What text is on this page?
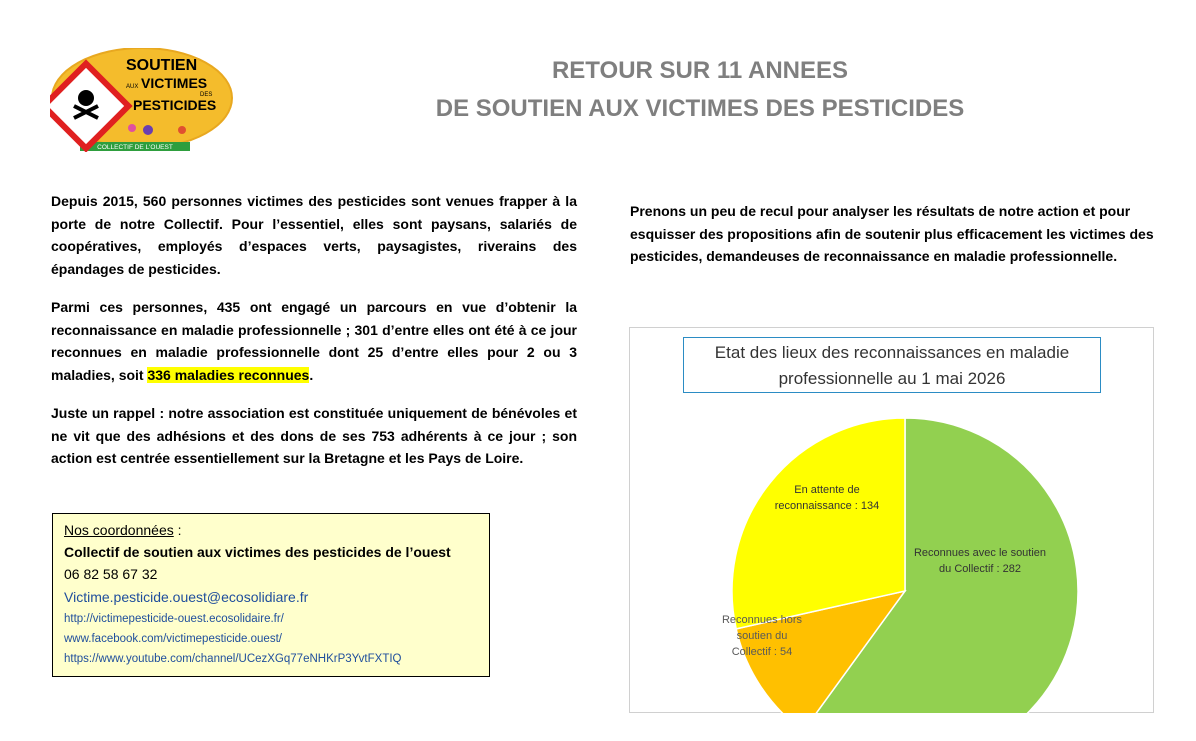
COLLECTIF DE L'OUEST
SOUTIEN
AUX VICTIMES
DES
PESTICIDES
RETOUR SUR 11 ANNEES
DE SOUTIEN AUX VICTIMES DES PESTICIDES
Depuis 2015, 560 personnes victimes des pesticides sont venues frapper à la porte de notre Collectif. Pour l’essentiel, elles sont paysans, salariés de coopératives, employés d’espaces verts, paysagistes, riverains des épandages de pesticides.
Parmi ces personnes, 435 ont engagé un parcours en vue d’obtenir la reconnaissance en maladie professionnelle ; 301 d’entre elles ont été à ce jour reconnues en maladie professionnelle dont 25 d’entre elles pour 2 ou 3 maladies, soit 336 maladies reconnues.
Juste un rappel : notre association est constituée uniquement de bénévoles et ne vit que des adhésions et des dons de ses 753 adhérents à ce jour ; son action est centrée essentiellement sur la Bretagne et les Pays de Loire.
Prenons un peu de recul pour analyser les résultats de notre action et pour esquisser des propositions afin de soutenir plus efficacement les victimes des pesticides, demandeuses de reconnaissance en maladie professionnelle.
Nos coordonnées :
Collectif de soutien aux victimes des pesticides de l’ouest
06 82 58 67 32
Victime.pesticide.ouest@ecosolidiare.fr
http://victimepesticide-ouest.ecosolidaire.fr/
www.facebook.com/victimepesticide.ouest/
https://www.youtube.com/channel/UCezXGq77eNHKrP3YvtFXTIQ
Reconnues avec le soutien du Collectif : 282
Reconnues hors soutien du Collectif : 54
En attente de reconnaissance : 134
Etat des lieux des reconnaissances en maladie
professionnelle au 1 mai 2026
